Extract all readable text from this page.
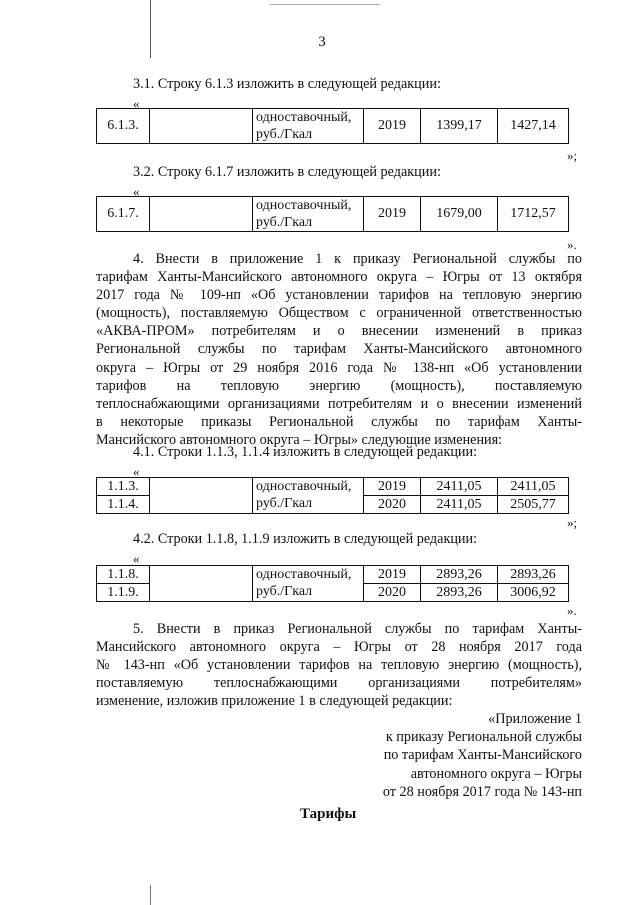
3
3.1. Строку 6.1.3 изложить в следующей редакции:
«
6.1.3.		одноставочный,	2019	1399,17	1427,14
руб./Гкал
»;
3.2. Строку 6.1.7 изложить в следующей редакции:
«
6.1.7.		одноставочный,	2019	1679,00	1712,57
руб./Гкал
».
4. Внести в приложение 1 к приказу Региональной службы по
тарифам Ханты-Мансийского автономного округа – Югры от 13 октября
2017 года № 109-нп «Об установлении тарифов на тепловую энергию
(мощность), поставляемую Обществом с ограниченной ответственностью
«АКВА-ПРОМ» потребителям и о внесении изменений в приказ
Региональной службы по тарифам Ханты-Мансийского автономного
округа – Югры от 29 ноября 2016 года № 138-нп «Об установлении
тарифов на тепловую энергию (мощность), поставляемую
теплоснабжающими организациями потребителям и о внесении изменений
в некоторые приказы Региональной службы по тарифам Ханты-
Мансийского автономного округа – Югры» следующие изменения:
4.1. Строки 1.1.3, 1.1.4 изложить в следующей редакции:
«
1.1.3.		одноставочный,	2019	2411,05	2411,05
1.1.4.		руб./Гкал	2020	2411,05	2505,77
»;
4.2. Строки 1.1.8, 1.1.9 изложить в следующей редакции:
«
1.1.8.		одноставочный,	2019	2893,26	2893,26
1.1.9.		руб./Гкал	2020	2893,26	3006,92
».
5. Внести в приказ Региональной службы по тарифам Ханты-
Мансийского автономного округа – Югры от 28 ноября 2017 года
№ 143-нп «Об установлении тарифов на тепловую энергию (мощность),
поставляемую теплоснабжающими организациями потребителям»
изменение, изложив приложение 1 в следующей редакции:
«Приложение 1
к приказу Региональной службы
по тарифам Ханты-Мансийского
автономного округа – Югры
от 28 ноября 2017 года № 143-нп
Тарифы
